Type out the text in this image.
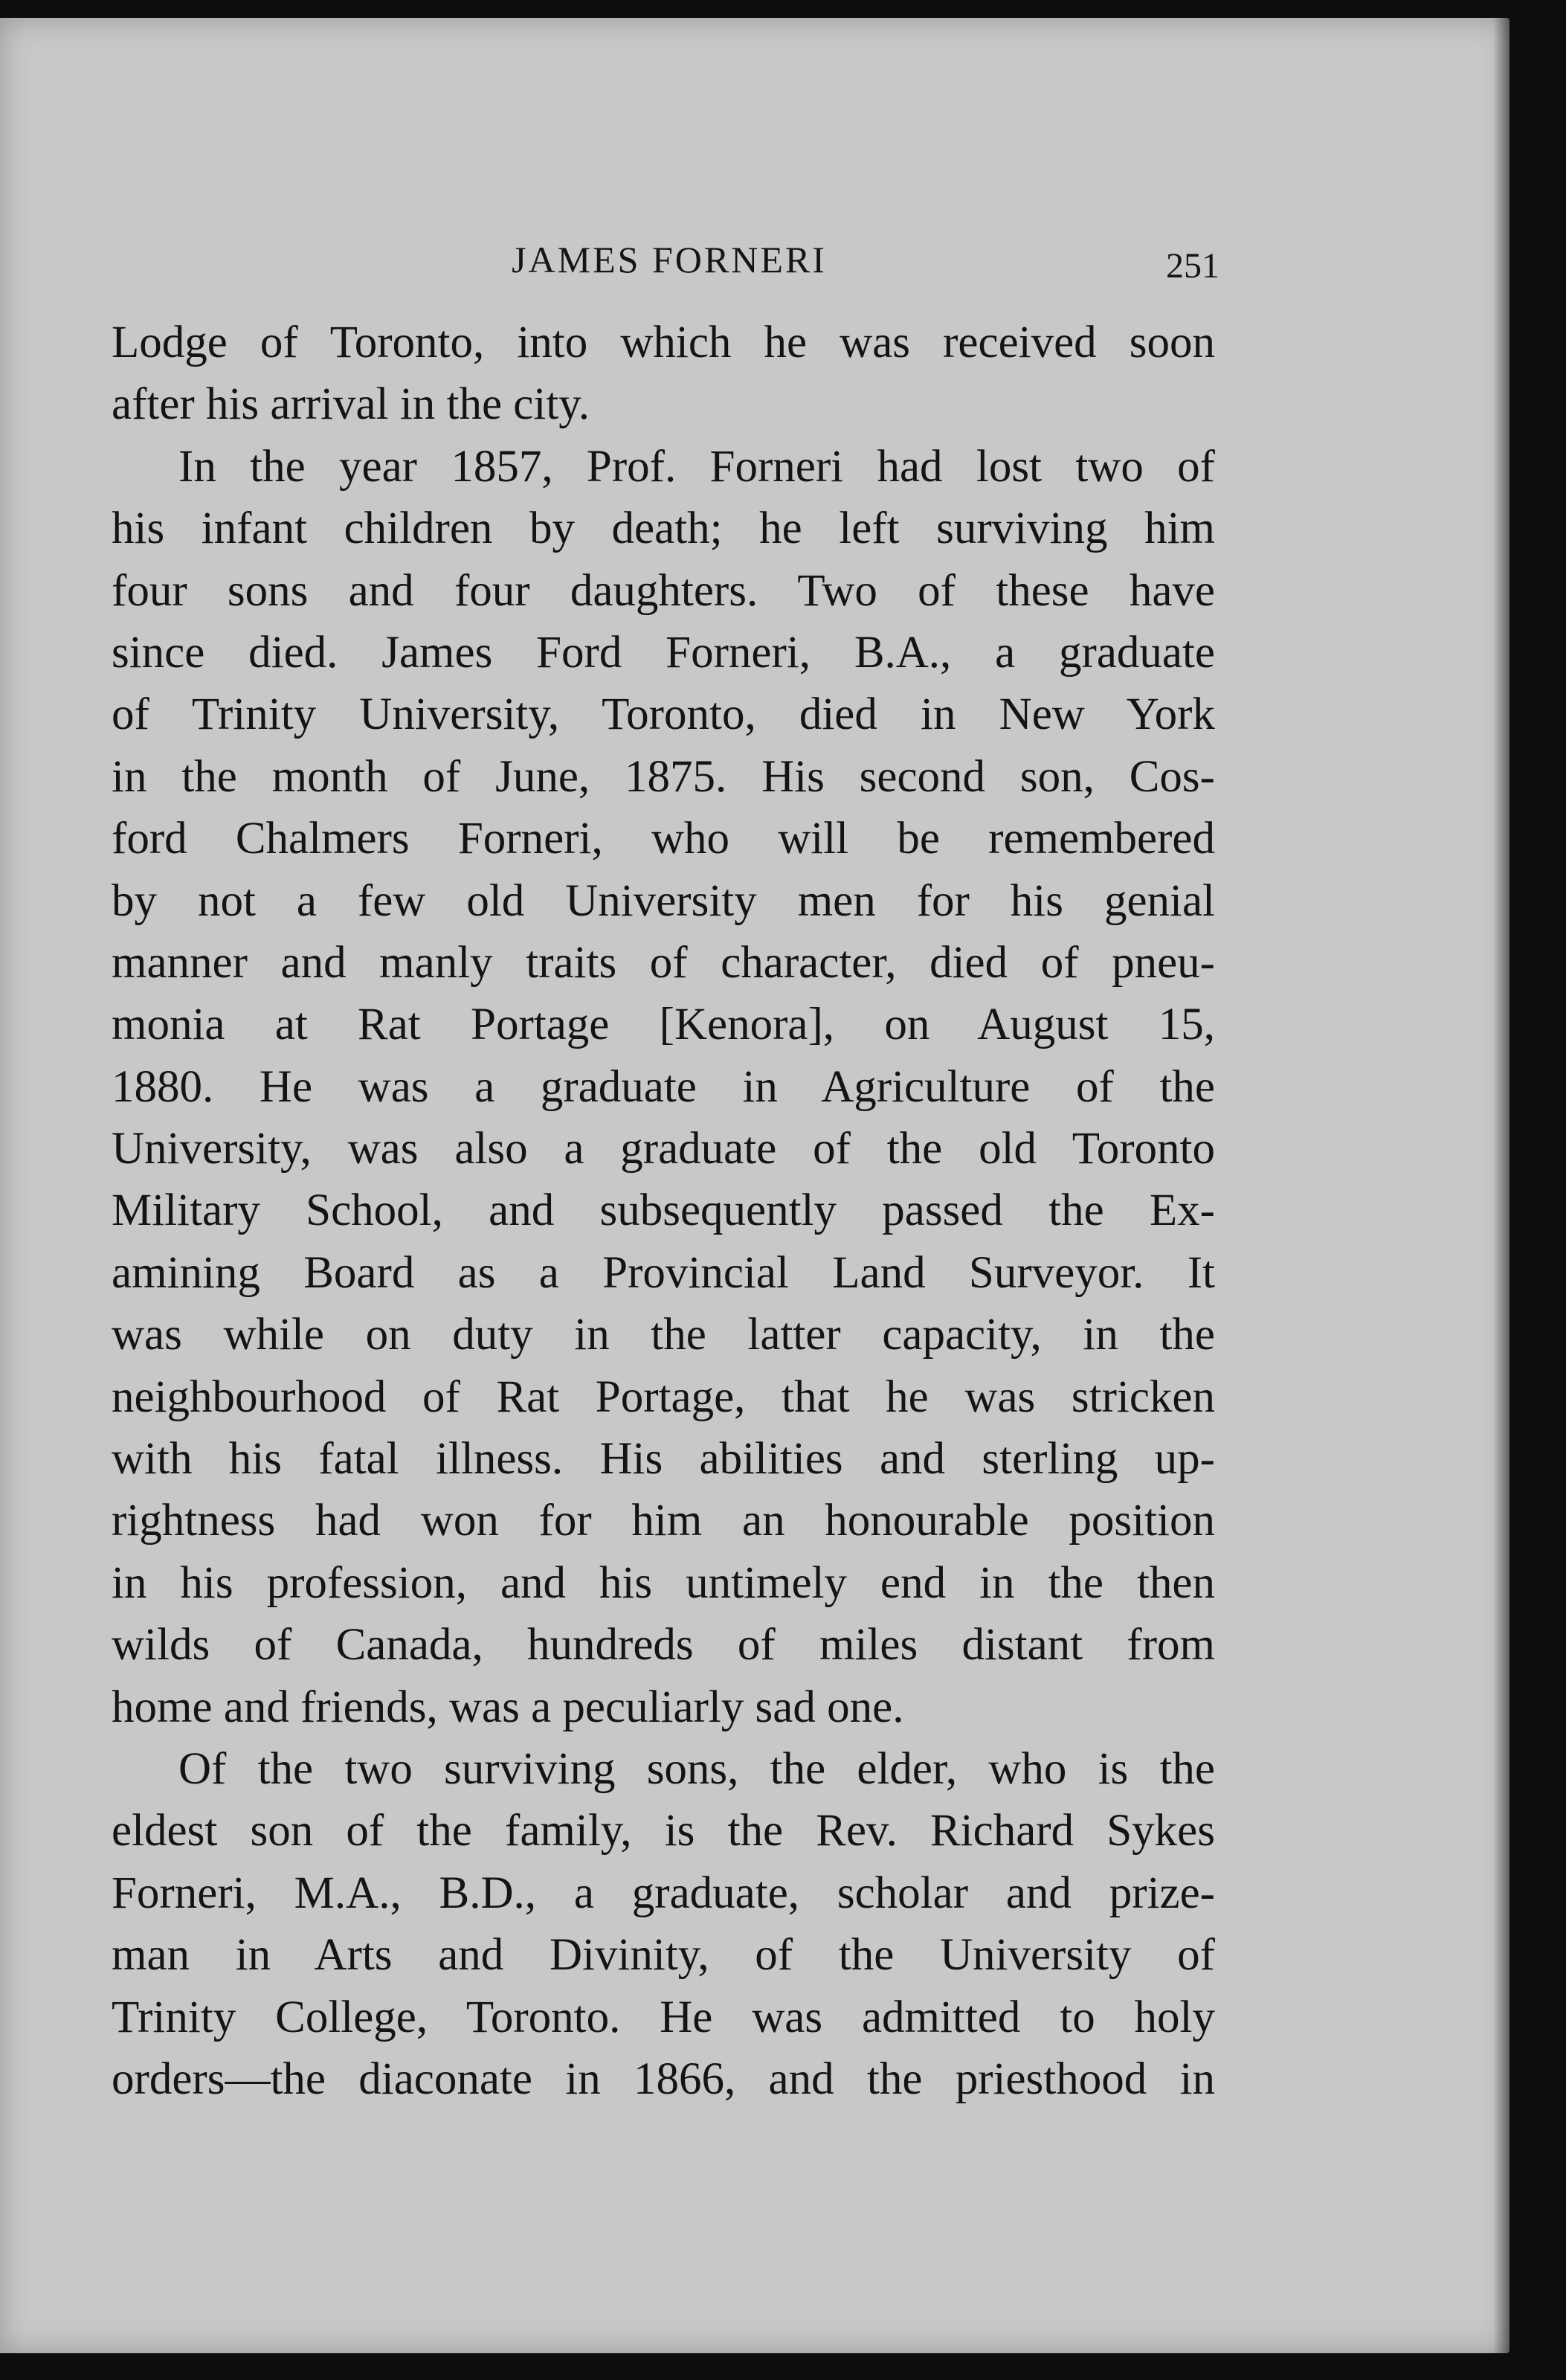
JAMES FORNERI	251
Lodge of Toronto, into which he was received soon
after his arrival in the city.
In the year 1857, Prof. Forneri had lost two of
his infant children by death; he left surviving him
four sons and four daughters. Two of these have
since died. James Ford Forneri, B.A., a graduate
of Trinity University, Toronto, died in New York
in the month of June, 1875. His second son, Cos-
ford Chalmers Forneri, who will be remembered
by not a few old University men for his genial
manner and manly traits of character, died of pneu-
monia at Rat Portage [Kenora], on August 15,
1880. He was a graduate in Agriculture of the
University, was also a graduate of the old Toronto
Military School, and subsequently passed the Ex-
amining Board as a Provincial Land Surveyor. It
was while on duty in the latter capacity, in the
neighbourhood of Rat Portage, that he was stricken
with his fatal illness. His abilities and sterling up-
rightness had won for him an honourable position
in his profession, and his untimely end in the then
wilds of Canada, hundreds of miles distant from
home and friends, was a peculiarly sad one.
Of the two surviving sons, the elder, who is the
eldest son of the family, is the Rev. Richard Sykes
Forneri, M.A., B.D., a graduate, scholar and prize-
man in Arts and Divinity, of the University of
Trinity College, Toronto. He was admitted to holy
orders—the diaconate in 1866, and the priesthood in
